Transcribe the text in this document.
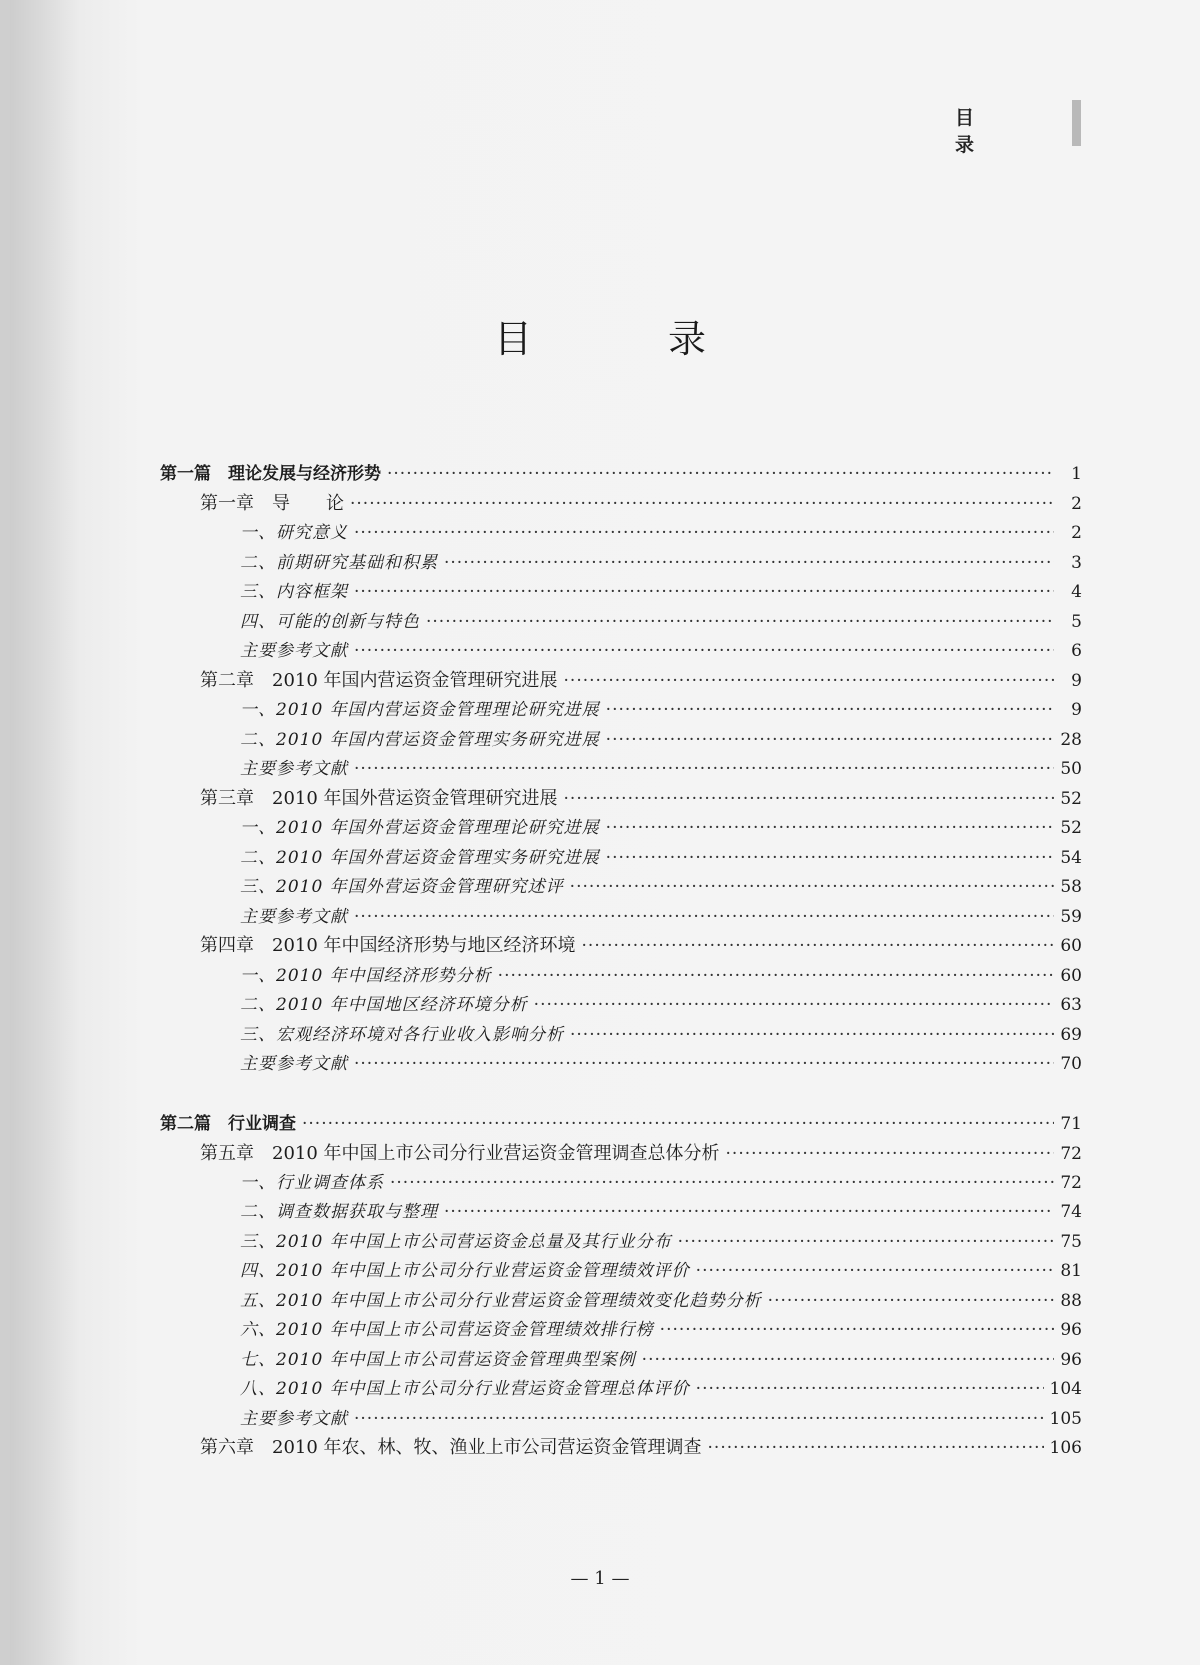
目 录
目 录
第一篇　理论发展与经济形势 ·····	1
第一章　导　　论 ·····	2
一、研究意义 ·····	2
二、前期研究基础和积累 ·····	3
三、内容框架 ·····	4
四、可能的创新与特色 ·····	5
主要参考文献 ·····	6
第二章　2010 年国内营运资金管理研究进展 ·····	9
一、2010 年国内营运资金管理理论研究进展 ·····	9
二、2010 年国内营运资金管理实务研究进展 ·····	28
主要参考文献 ·····	50
第三章　2010 年国外营运资金管理研究进展 ·····	52
一、2010 年国外营运资金管理理论研究进展 ·····	52
二、2010 年国外营运资金管理实务研究进展 ·····	54
三、2010 年国外营运资金管理研究述评 ·····	58
主要参考文献 ·····	59
第四章　2010 年中国经济形势与地区经济环境 ·····	60
一、2010 年中国经济形势分析 ·····	60
二、2010 年中国地区经济环境分析 ·····	63
三、宏观经济环境对各行业收入影响分析 ·····	69
主要参考文献 ·····	70
第二篇　行业调查 ·····	71
第五章　2010 年中国上市公司分行业营运资金管理调查总体分析 ·····	72
一、行业调查体系 ·····	72
二、调查数据获取与整理 ·····	74
三、2010 年中国上市公司营运资金总量及其行业分布 ·····	75
四、2010 年中国上市公司分行业营运资金管理绩效评价 ·····	81
五、2010 年中国上市公司分行业营运资金管理绩效变化趋势分析 ·····	88
六、2010 年中国上市公司营运资金管理绩效排行榜 ·····	96
七、2010 年中国上市公司营运资金管理典型案例 ·····	96
八、2010 年中国上市公司分行业营运资金管理总体评价 ·····	104
主要参考文献 ·····	105
第六章　2010 年农、林、牧、渔业上市公司营运资金管理调查 ·····	106
— 1 —
